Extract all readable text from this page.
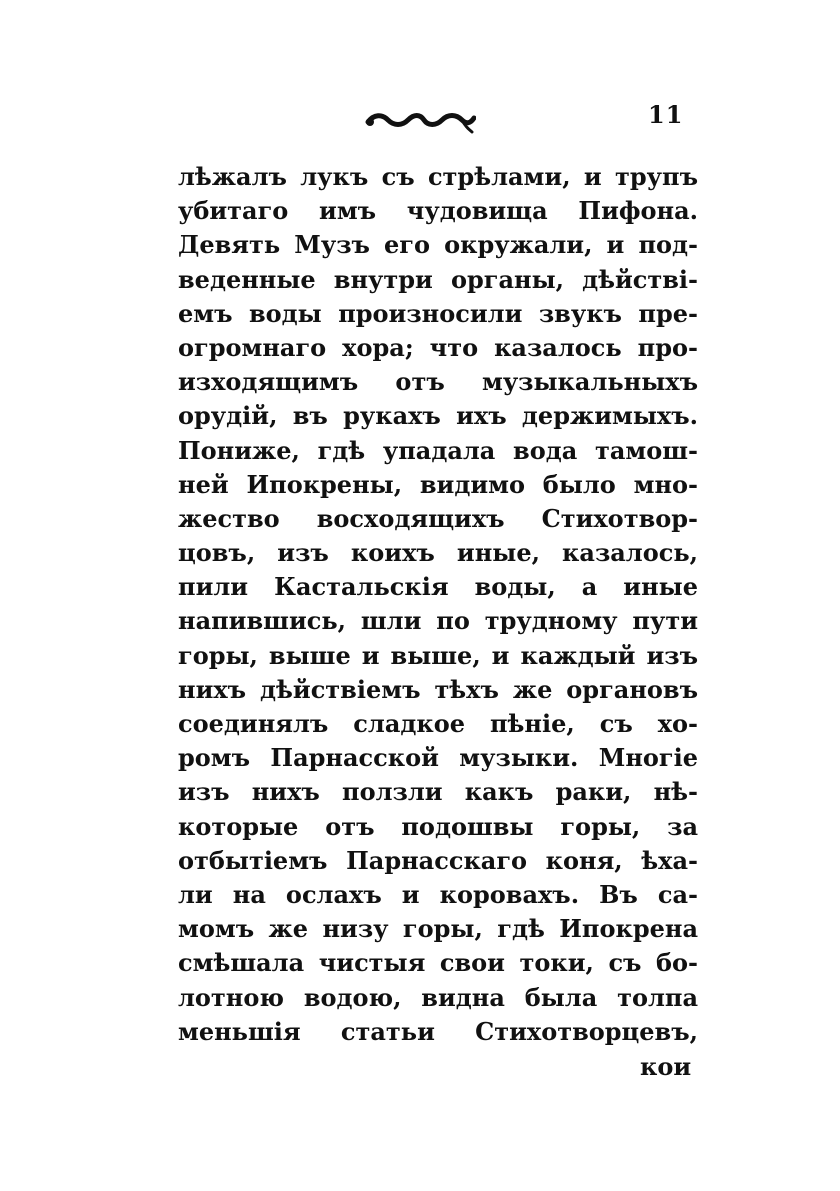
11
лѣжалъ лукъ съ стрѣлами, и трупъ
убитаго имъ чудовища Пифона.
Девять Музъ его окружали, и под-
веденные внутри органы, дѣйствi-
емъ воды произносили звукъ пре-
огромнаго хора; что казалось про-
изходящимъ отъ музыкальныхъ
орудiй, въ рукахъ ихъ держимыхъ.
Пониже, гдѣ упадала вода тамош-
ней Ипокрены, видимо было мно-
жество восходящихъ Стихотвор-
цовъ, изъ коихъ иные, казалось,
пили Кастальскiя воды, а иные
напившись, шли по трудному пути
горы, выше и выше, и каждый изъ
нихъ дѣйствiемъ тѣхъ же органовъ
соединялъ сладкое пѣнiе, съ хо-
ромъ Парнасской музыки. Многiе
изъ нихъ ползли какъ раки, нѣ-
которые отъ подошвы горы, за
отбытiемъ Парнасскаго коня, ѣха-
ли на ослахъ и коровахъ. Въ са-
момъ же низу горы, гдѣ Ипокрена
смѣшала чистыя свои токи, съ бо-
лотною водою, видна была толпа
меньшiя статьи Стихотворцевъ,
кои
